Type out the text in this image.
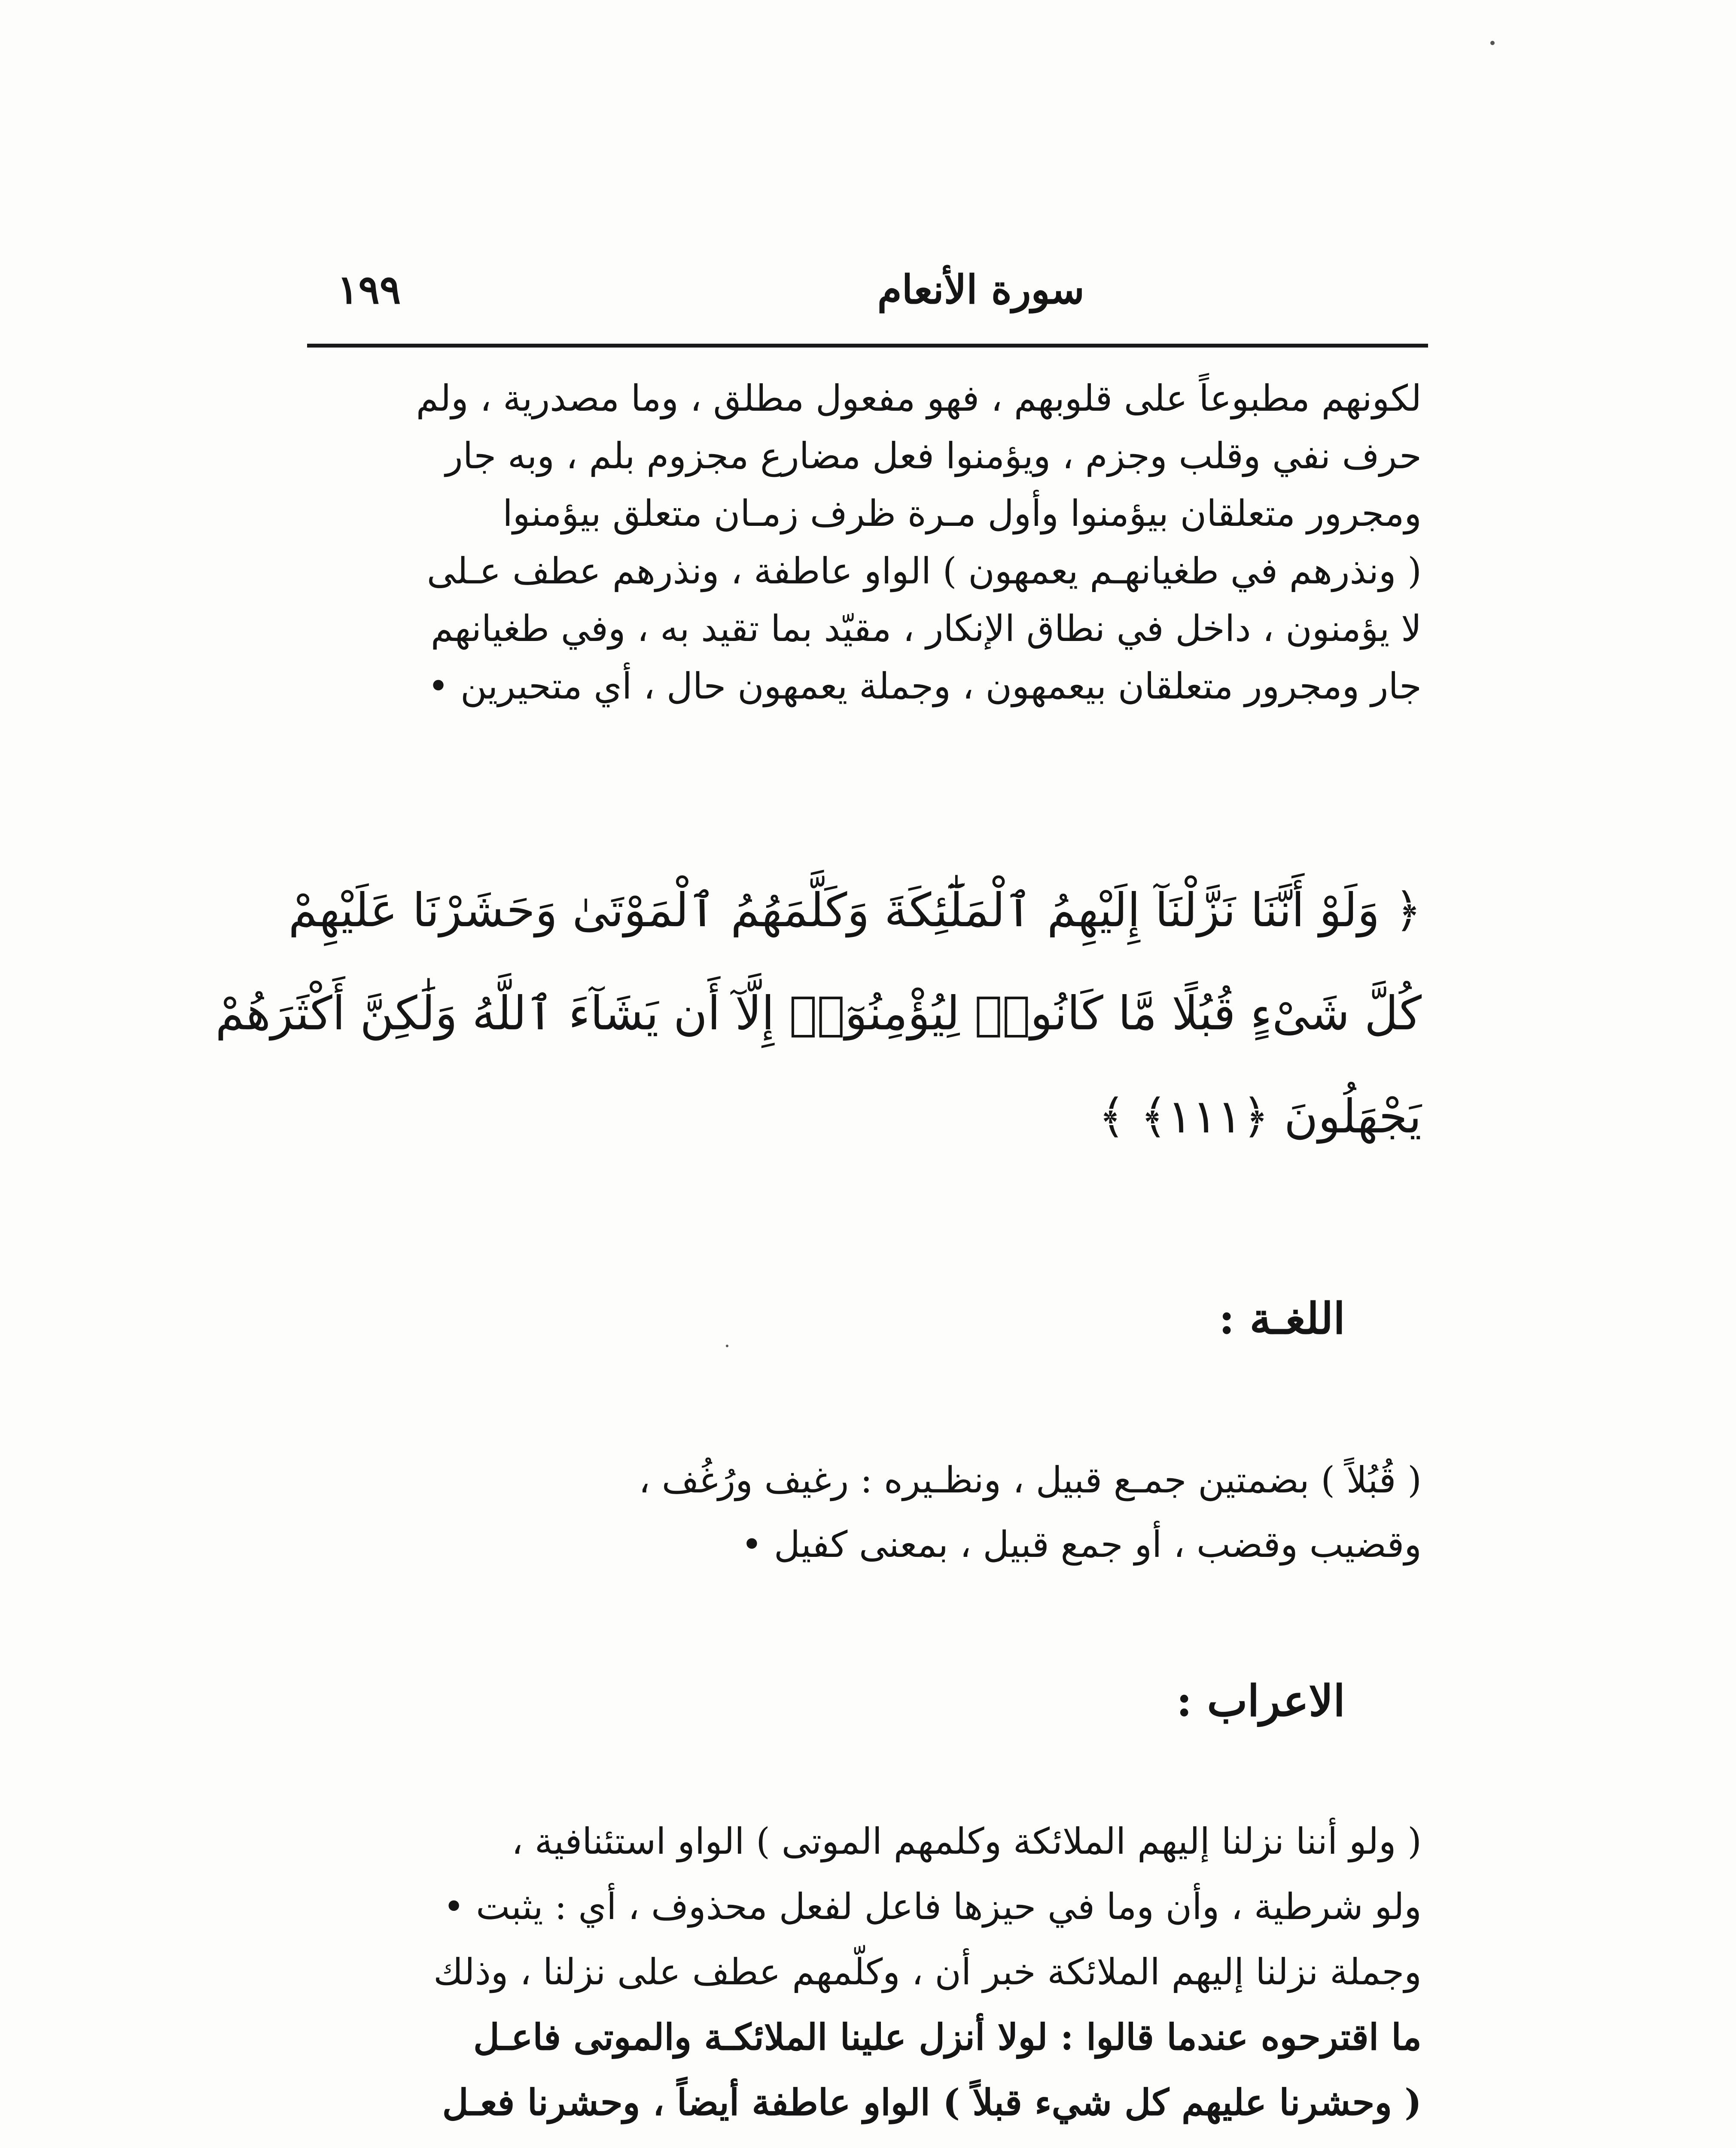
سورة الأنعام
١٩٩

لكونهم مطبوعاً على قلوبهم ، فهو مفعول مطلق ، وما مصدرية ، ولم
حرف نفي وقلب وجزم ، ويؤمنوا فعل مضارع مجزوم بلم ، وبه جار
ومجرور متعلقان بيؤمنوا وأول مـرة ظرف زمـان متعلق بيؤمنوا
( ونذرهم في طغيانهـم يعمهون ) الواو عاطفة ، ونذرهم عطف عـلى
لا يؤمنون ، داخل في نطاق الإنكار ، مقيّد بما تقيد به ، وفي طغيانهم
جار ومجرور متعلقان بيعمهون ، وجملة يعمهون حال ، أي متحيرين •

﴿ وَلَوْ أَنَّنَا نَزَّلْنَآ إِلَيْهِمُ ٱلْمَلَٰٓئِكَةَ وَكَلَّمَهُمُ ٱلْمَوْتَىٰ وَحَشَرْنَا عَلَيْهِمْ
كُلَّ شَىْءٍ قُبُلًا مَّا كَانُوا۟ لِيُؤْمِنُوٓا۟ إِلَّآ أَن يَشَآءَ ٱللَّهُ وَلَٰكِنَّ أَكْثَرَهُمْ
يَجْهَلُونَ ﴿١١١﴾ ﴾

اللغـة :

( قُبُلاً ) بضمتين جمـع قبيل ، ونظـيره : رغيف ورُغُف ،
وقضيب وقضب ، أو جمع قبيل ، بمعنى كفيل •

الاعراب :

( ولو أننا نزلنا إليهم الملائكة وكلمهم الموتى ) الواو استئنافية ،
ولو شرطية ، وأن وما في حيزها فاعل لفعل محذوف ، أي : يثبت •
وجملة نزلنا إليهم الملائكة خبر أن ، وكلّمهم عطف على نزلنا ، وذلك

ما اقترحوه عندما قالوا : لولا أنزل علينا الملائكـة والموتى فاعـل
( وحشرنا عليهم كل شيء قبلاً ) الواو عاطفة أيضاً ، وحشرنا فعـل
